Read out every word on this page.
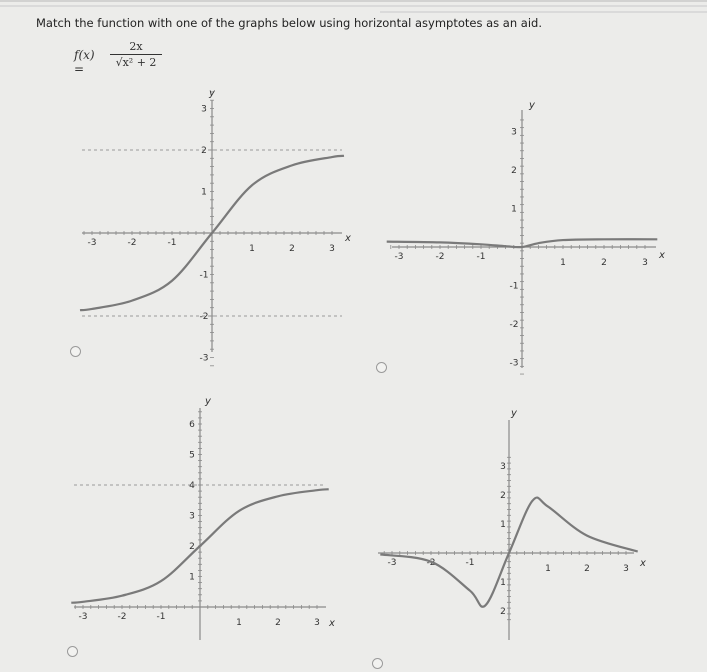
Match the function with one of the graphs below using horizontal asymptotes as an aid.
f(x) =
2x
√x² + 2
-3	-2	-1
1	2	3
3
2
1
-1
-2
-3
x
y
-3	-2	-1
1	2	3
3
2
1
-1
-2
-3
x
y
-3	-2	-1
1	2	3
6
5
4
3
2
1
x
y
-3	-2	-1
1	2	3
3
2
1
1
2
x
y
